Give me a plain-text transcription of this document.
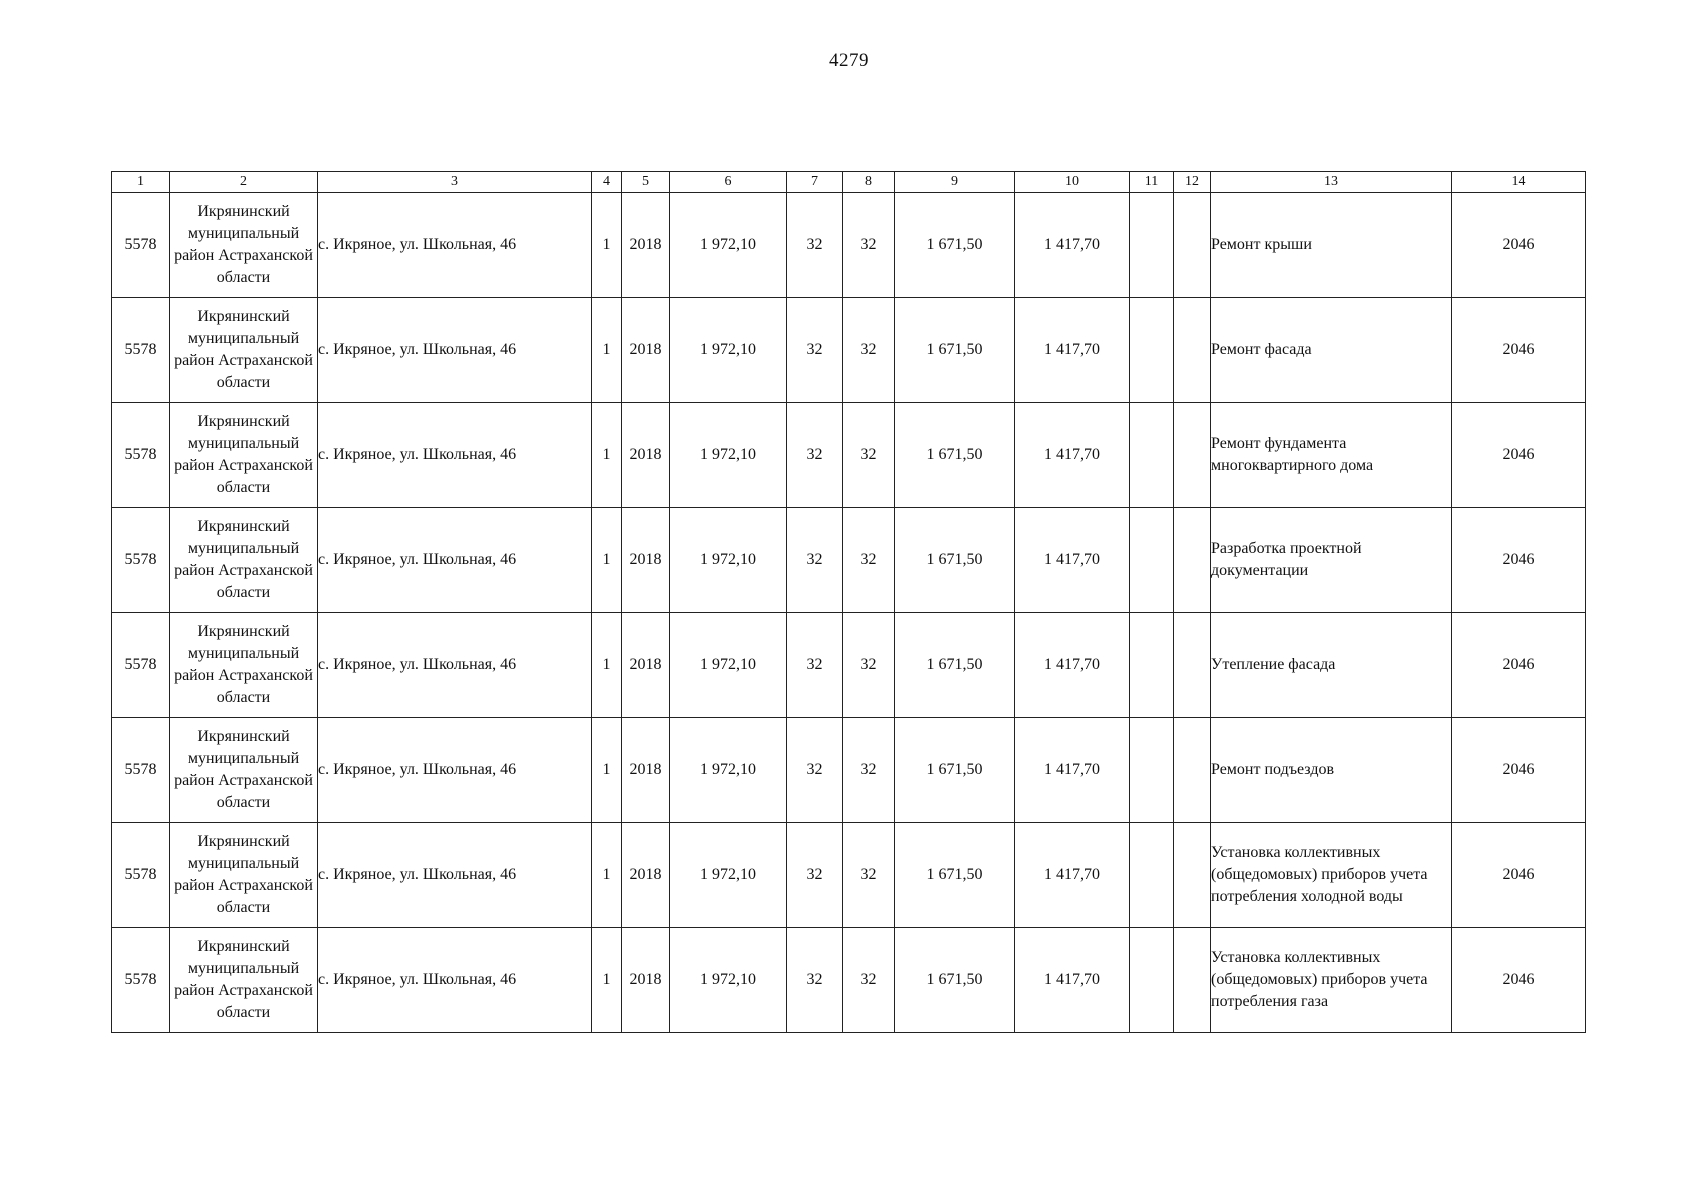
4279
1	2	3	4	5	6	7	8	9	10	11	12	13	14
5578	Икрянинский муниципальный район Астраханской области	с. Икряное, ул. Школьная, 46	1	2018	1 972,10	32	32	1 671,50	1 417,70			Ремонт крыши	2046
5578	Икрянинский муниципальный район Астраханской области	с. Икряное, ул. Школьная, 46	1	2018	1 972,10	32	32	1 671,50	1 417,70			Ремонт фасада	2046
5578	Икрянинский муниципальный район Астраханской области	с. Икряное, ул. Школьная, 46	1	2018	1 972,10	32	32	1 671,50	1 417,70			Ремонт фундамента многоквартирного дома	2046
5578	Икрянинский муниципальный район Астраханской области	с. Икряное, ул. Школьная, 46	1	2018	1 972,10	32	32	1 671,50	1 417,70			Разработка проектной документации	2046
5578	Икрянинский муниципальный район Астраханской области	с. Икряное, ул. Школьная, 46	1	2018	1 972,10	32	32	1 671,50	1 417,70			Утепление фасада	2046
5578	Икрянинский муниципальный район Астраханской области	с. Икряное, ул. Школьная, 46	1	2018	1 972,10	32	32	1 671,50	1 417,70			Ремонт подъездов	2046
5578	Икрянинский муниципальный район Астраханской области	с. Икряное, ул. Школьная, 46	1	2018	1 972,10	32	32	1 671,50	1 417,70			Установка коллективных (общедомовых) приборов учета потребления холодной воды	2046
5578	Икрянинский муниципальный район Астраханской области	с. Икряное, ул. Школьная, 46	1	2018	1 972,10	32	32	1 671,50	1 417,70			Установка коллективных (общедомовых) приборов учета потребления газа	2046
